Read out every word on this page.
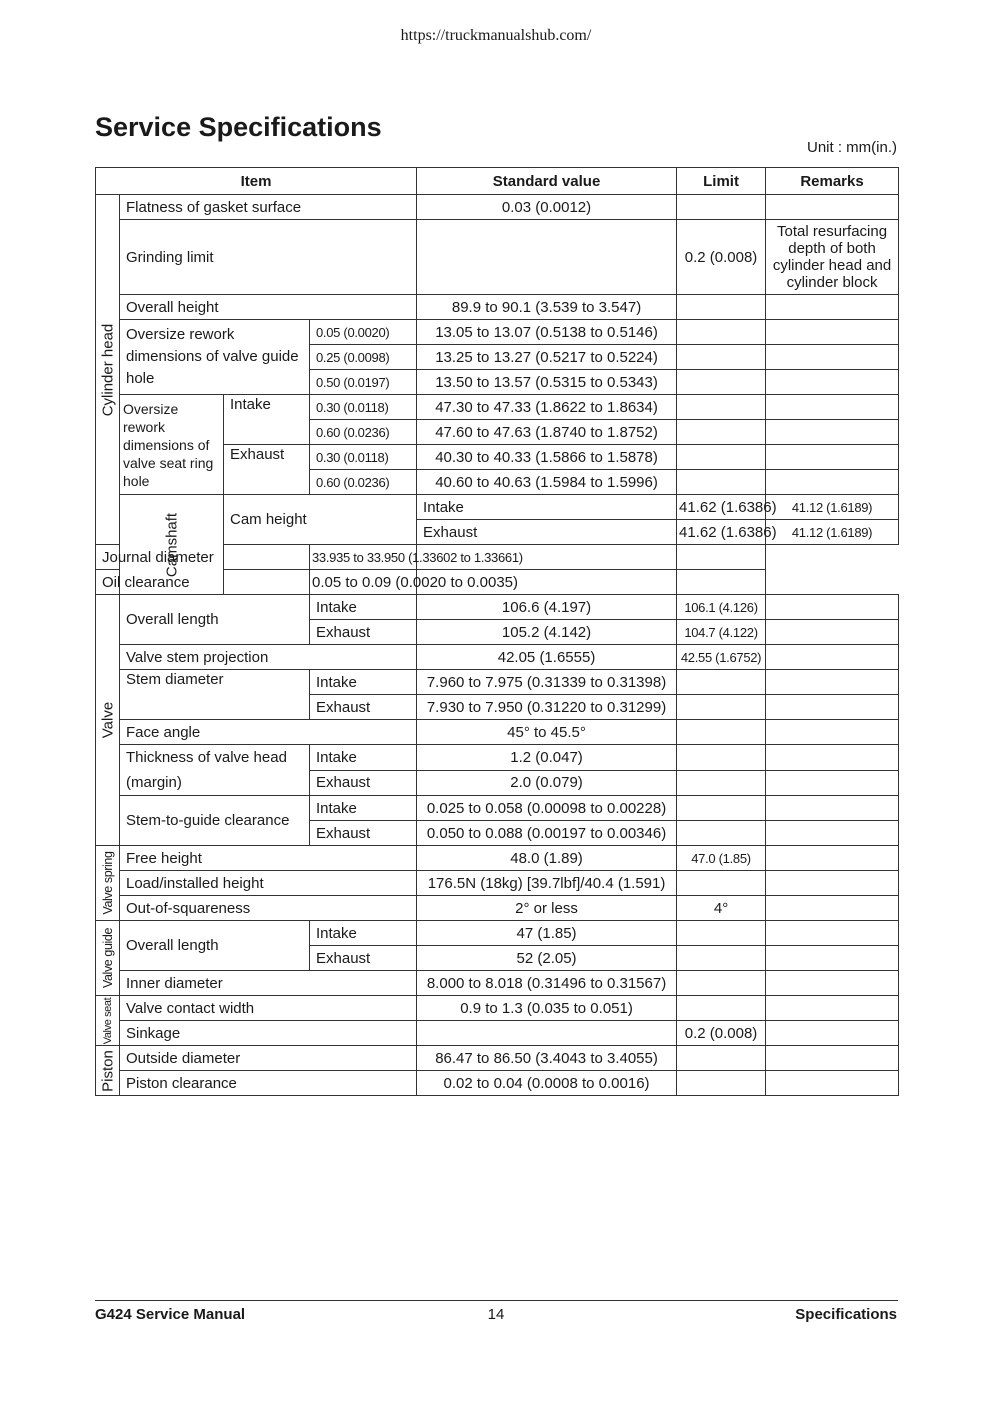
https://truckmanualshub.com/
Service Specifications
Unit : mm(in.)
Item				Standard value	Limit	Remarks	

Cylinder head	Flatness of gasket surface			0.03 (0.0012)			
	Grinding limit				0.2 (0.008)	Total resurfacing depth of both cylinder head and cylinder block	
	Overall height			89.9 to 90.1 (3.539 to 3.547)			
	Oversize rework dimensions of valve guide hole		0.05 (0.0020)	13.05 to 13.07 (0.5138 to 0.5146)			
			0.25 (0.0098)	13.25 to 13.27 (0.5217 to 0.5224)			
			0.50 (0.0197)	13.50 to 13.57 (0.5315 to 0.5343)			
	Oversize rework dimensions of valve seat ring hole	Intake	0.30 (0.0118)	47.30 to 47.33 (1.8622 to 1.8634)			
			0.60 (0.0236)	47.60 to 47.63 (1.8740 to 1.8752)			
		Exhaust	0.30 (0.0118)	40.30 to 40.33 (1.5866 to 1.5878)			
			0.60 (0.0236)	40.60 to 40.63 (1.5984 to 1.5996)			

	Camshaft	Cam height		Intake	41.62 (1.6386)	41.12 (1.6189)	
				Exhaust	41.62 (1.6386)	41.12 (1.6189)	
Journal diameter			33.935 to 33.950 (1.33602 to 1.33661)				
Oil clearance			0.05 to 0.09 (0.0020 to 0.0035)				

Valve	Overall length		Intake	106.6 (4.197)	106.1 (4.126)		
			Exhaust	105.2 (4.142)	104.7 (4.122)		
	Valve stem projection			42.05 (1.6555)	42.55 (1.6752)		
	Stem diameter		Intake	7.960 to 7.975 (0.31339 to 0.31398)			
			Exhaust	7.930 to 7.950 (0.31220 to 0.31299)			
	Face angle			45° to 45.5°			
	Thickness of valve head (margin)		Intake	1.2 (0.047)			
			Exhaust	2.0 (0.079)			
	Stem-to-guide clearance		Intake	0.025 to 0.058 (0.00098 to 0.00228)			
			Exhaust	0.050 to 0.088 (0.00197 to 0.00346)			

Valve spring	Free height			48.0 (1.89)	47.0 (1.85)		
	Load/installed height			176.5N (18kg) [39.7lbf]/40.4 (1.591)			
	Out-of-squareness			2° or less	4°		

Valve guide	Overall length		Intake	47 (1.85)			
			Exhaust	52 (2.05)			
	Inner diameter			8.000 to 8.018 (0.31496 to 0.31567)			

Valve seat	Valve contact width			0.9 to 1.3 (0.035 to 0.051)			
	Sinkage				0.2 (0.008)		

Piston	Outside diameter			86.47 to 86.50 (3.4043 to 3.4055)			
	Piston clearance			0.02 to 0.04 (0.0008 to 0.0016)			
G424 Service Manual	14	Specifications
